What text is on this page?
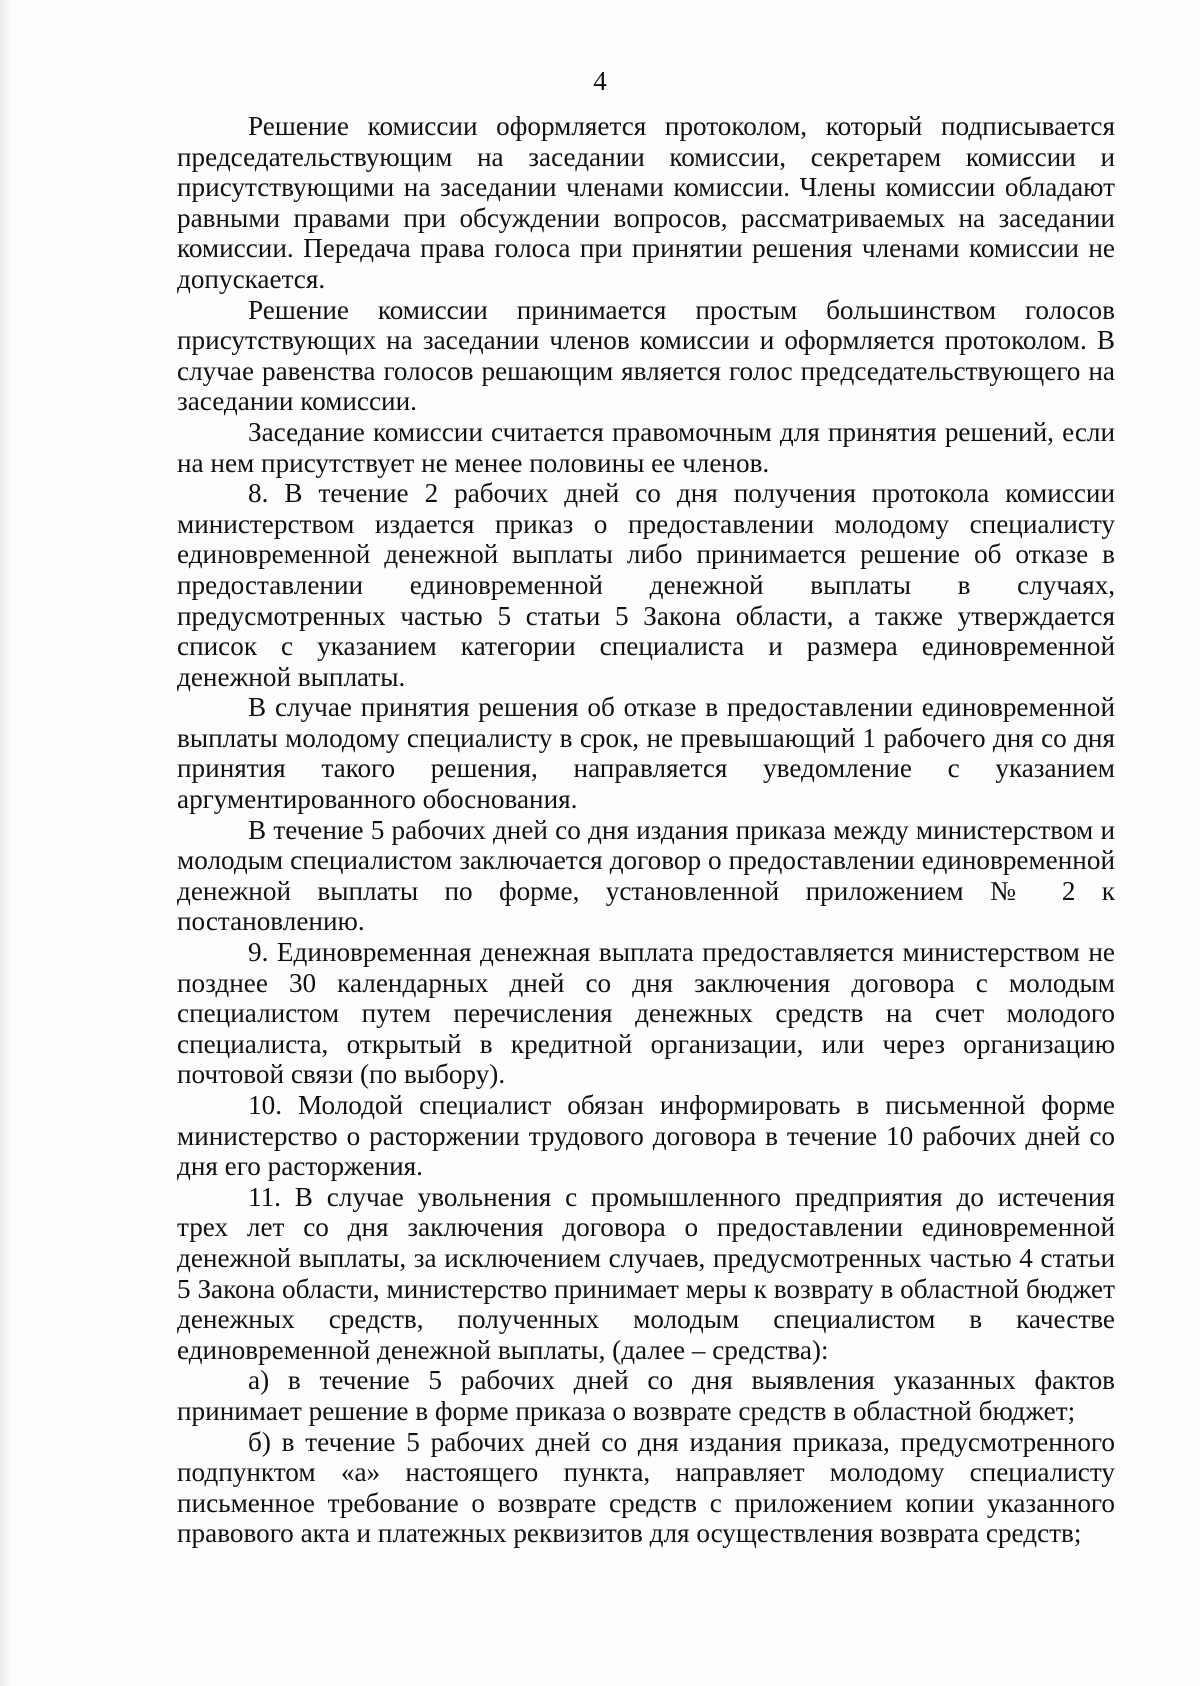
4

Решение комиссии оформляется протоколом, который подписывается председательствующим на заседании комиссии, секретарем комиссии и присутствующими на заседании членами комиссии. Члены комиссии обладают равными правами при обсуждении вопросов, рассматриваемых на заседании комиссии. Передача права голоса при принятии решения членами комиссии не допускается.

Решение комиссии принимается простым большинством голосов присутствующих на заседании членов комиссии и оформляется протоколом. В случае равенства голосов решающим является голос председательствующего на заседании комиссии.

Заседание комиссии считается правомочным для принятия решений, если на нем присутствует не менее половины ее членов.

8. В течение 2 рабочих дней со дня получения протокола комиссии министерством издается приказ о предоставлении молодому специалисту единовременной денежной выплаты либо принимается решение об отказе в предоставлении единовременной денежной выплаты в случаях, предусмотренных частью 5 статьи 5 Закона области, а также утверждается список с указанием категории специалиста и размера единовременной денежной выплаты.

В случае принятия решения об отказе в предоставлении единовременной выплаты молодому специалисту в срок, не превышающий 1 рабочего дня со дня принятия такого решения, направляется уведомление с указанием аргументированного обоснования.

В течение 5 рабочих дней со дня издания приказа между министерством и молодым специалистом заключается договор о предоставлении единовременной денежной выплаты по форме, установленной приложением № 2 к постановлению.

9. Единовременная денежная выплата предоставляется министерством не позднее 30 календарных дней со дня заключения договора с молодым специалистом путем перечисления денежных средств на счет молодого специалиста, открытый в кредитной организации, или через организацию почтовой связи (по выбору).

10. Молодой специалист обязан информировать в письменной форме министерство о расторжении трудового договора в течение 10 рабочих дней со дня его расторжения.

11. В случае увольнения с промышленного предприятия до истечения трех лет со дня заключения договора о предоставлении единовременной денежной выплаты, за исключением случаев, предусмотренных частью 4 статьи 5 Закона области, министерство принимает меры к возврату в областной бюджет денежных средств, полученных молодым специалистом в качестве единовременной денежной выплаты, (далее – средства):

а) в течение 5 рабочих дней со дня выявления указанных фактов принимает решение в форме приказа о возврате средств в областной бюджет;

б) в течение 5 рабочих дней со дня издания приказа, предусмотренного подпунктом «а» настоящего пункта, направляет молодому специалисту письменное требование о возврате средств с приложением копии указанного правового акта и платежных реквизитов для осуществления возврата средств;
